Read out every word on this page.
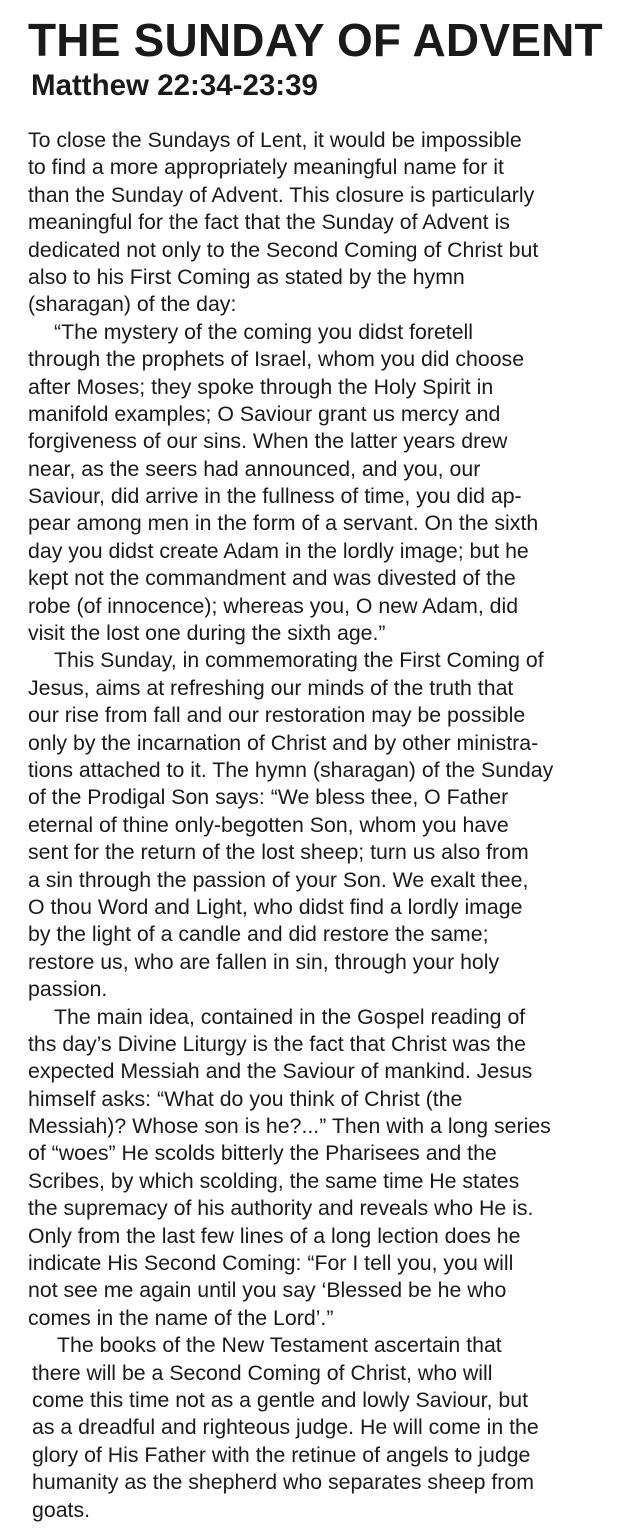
THE SUNDAY OF ADVENT
Matthew 22:34-23:39
To close the Sundays of Lent, it would be impossible
to find a more appropriately meaningful name for it
than the Sunday of Advent. This closure is particularly
meaningful for the fact that the Sunday of Advent is
dedicated not only to the Second Coming of Christ but
also to his First Coming as stated by the hymn
(sharagan) of the day:
“The mystery of the coming you didst foretell
through the prophets of Israel, whom you did choose
after Moses; they spoke through the Holy Spirit in
manifold examples; O Saviour grant us mercy and
forgiveness of our sins. When the latter years drew
near, as the seers had announced, and you, our
Saviour, did arrive in the fullness of time, you did ap-
pear among men in the form of a servant. On the sixth
day you didst create Adam in the lordly image; but he
kept not the commandment and was divested of the
robe (of innocence); whereas you, O new Adam, did
visit the lost one during the sixth age.”
This Sunday, in commemorating the First Coming of
Jesus, aims at refreshing our minds of the truth that
our rise from fall and our restoration may be possible
only by the incarnation of Christ and by other ministra-
tions attached to it. The hymn (sharagan) of the Sunday
of the Prodigal Son says: “We bless thee, O Father
eternal of thine only-begotten Son, whom you have
sent for the return of the lost sheep; turn us also from
a sin through the passion of your Son. We exalt thee,
O thou Word and Light, who didst find a lordly image
by the light of a candle and did restore the same;
restore us, who are fallen in sin, through your holy
passion.
The main idea, contained in the Gospel reading of
ths day’s Divine Liturgy is the fact that Christ was the
expected Messiah and the Saviour of mankind. Jesus
himself asks: “What do you think of Christ (the
Messiah)? Whose son is he?...” Then with a long series
of “woes” He scolds bitterly the Pharisees and the
Scribes, by which scolding, the same time He states
the supremacy of his authority and reveals who He is.
Only from the last few lines of a long lection does he
indicate His Second Coming: “For I tell you, you will
not see me again until you say ‘Blessed be he who
comes in the name of the Lord’.”
The books of the New Testament ascertain that
there will be a Second Coming of Christ, who will
come this time not as a gentle and lowly Saviour, but
as a dreadful and righteous judge. He will come in the
glory of His Father with the retinue of angels to judge
humanity as the shepherd who separates sheep from
goats.
